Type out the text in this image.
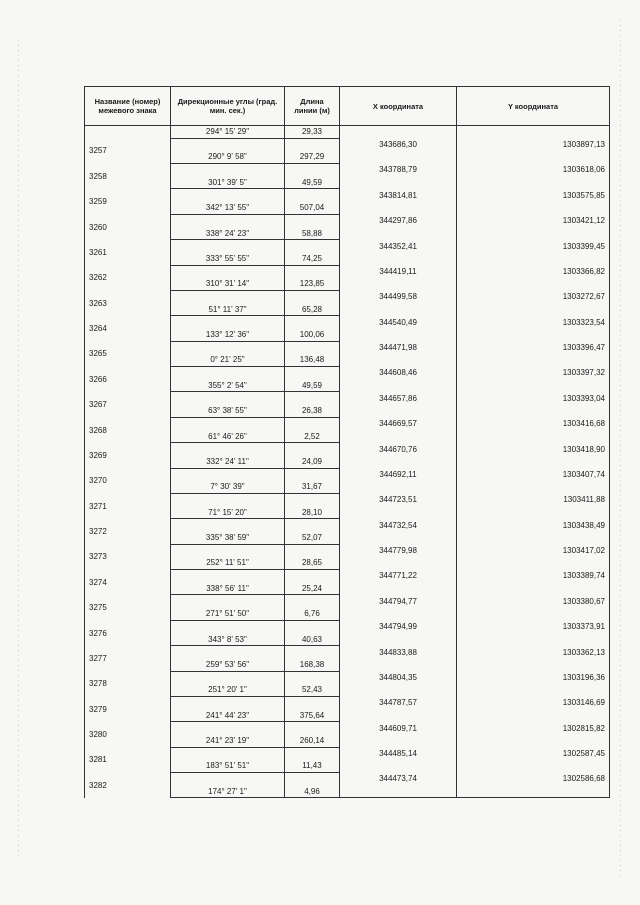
Название (номер) межевого знака	Дирекционные углы (град. мин. сек.)	Длина линии (м)	Х координата	Y координата
	294° 15' 29"	29,33		
3257			343686,30	1303897,13
	290° 9' 58"	297,29		
3258			343788,79	1303618,06
	301° 39' 5"	49,59		
3259			343814,81	1303575,85
	342° 13' 55"	507,04		
3260			344297,86	1303421,12
	338° 24' 23"	58,88		
3261			344352,41	1303399,45
	333° 55' 55"	74,25		
3262			344419,11	1303366,82
	310° 31' 14"	123,85		
3263			344499,58	1303272,67
	51° 11' 37"	65,28		
3264			344540,49	1303323,54
	133° 12' 36"	100,06		
3265			344471,98	1303396,47
	0° 21' 25"	136,48		
3266			344608,46	1303397,32
	355° 2' 54"	49,59		
3267			344657,86	1303393,04
	63° 38' 55"	26,38		
3268			344669,57	1303416,68
	61° 46' 26"	2,52		
3269			344670,76	1303418,90
	332° 24' 11"	24,09		
3270			344692,11	1303407,74
	7° 30' 39"	31,67		
3271			344723,51	1303411,88
	71° 15' 20"	28,10		
3272			344732,54	1303438,49
	335° 38' 59"	52,07		
3273			344779,98	1303417,02
	252° 11' 51"	28,65		
3274			344771,22	1303389,74
	338° 56' 11"	25,24		
3275			344794,77	1303380,67
	271° 51' 50"	6,76		
3276			344794,99	1303373,91
	343° 8' 53"	40,63		
3277			344833,88	1303362,13
	259° 53' 56"	168,38		
3278			344804,35	1303196,36
	251° 20' 1"	52,43		
3279			344787,57	1303146,69
	241° 44' 23"	375,64		
3280			344609,71	1302815,82
	241° 23' 19"	260,14		
3281			344485,14	1302587,45
	183° 51' 51"	11,43		
3282			344473,74	1302586,68
	174° 27' 1"	4,96		
